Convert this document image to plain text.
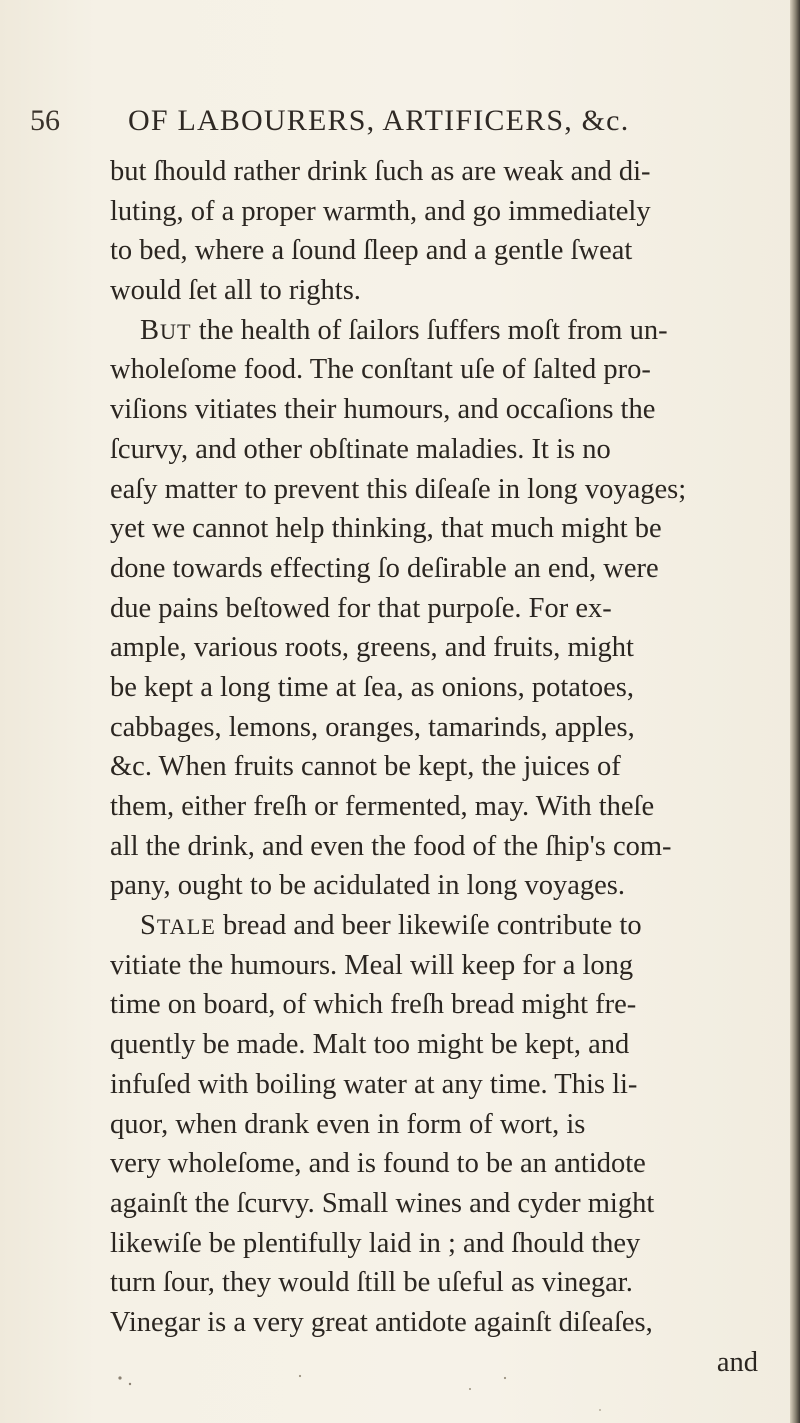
56 OF LABOURERS, ARTIFICERS, &c.
but ſhould rather drink ſuch as are weak and di-
luting, of a proper warmth, and go immediately
to bed, where a ſound ſleep and a gentle ſweat
would ſet all to rights.
BUT the health of ſailors ſuffers moſt from un-
wholeſome food. The conſtant uſe of ſalted pro-
viſions vitiates their humours, and occaſions the
ſcurvy, and other obſtinate maladies. It is no
eaſy matter to prevent this diſeaſe in long voyages;
yet we cannot help thinking, that much might be
done towards effecting ſo deſirable an end, were
due pains beſtowed for that purpoſe. For ex-
ample, various roots, greens, and fruits, might
be kept a long time at ſea, as onions, potatoes,
cabbages, lemons, oranges, tamarinds, apples,
&c. When fruits cannot be kept, the juices of
them, either freſh or fermented, may. With theſe
all the drink, and even the food of the ſhip's com-
pany, ought to be acidulated in long voyages.
STALE bread and beer likewiſe contribute to
vitiate the humours. Meal will keep for a long
time on board, of which freſh bread might fre-
quently be made. Malt too might be kept, and
infuſed with boiling water at any time. This li-
quor, when drank even in form of wort, is
very wholeſome, and is found to be an antidote
againſt the ſcurvy. Small wines and cyder might
likewiſe be plentifully laid in ; and ſhould they
turn ſour, they would ſtill be uſeful as vinegar.
Vinegar is a very great antidote againſt diſeaſes,
and
